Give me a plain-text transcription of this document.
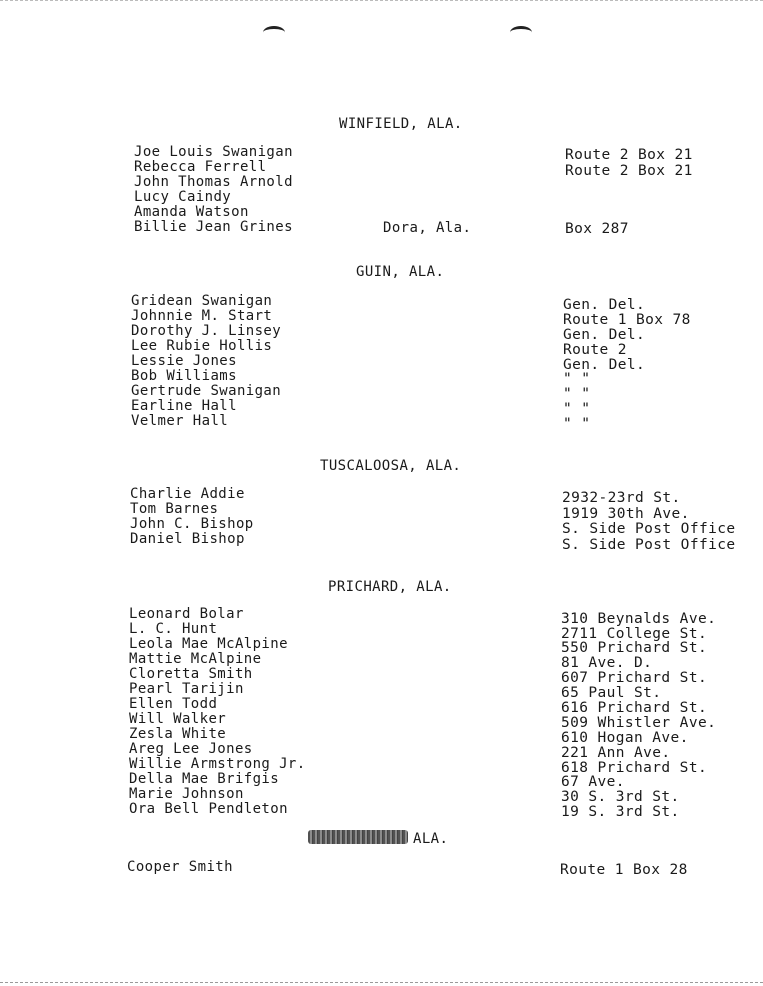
WINFIELD, ALA.
Joe Louis Swanigan
Rebecca Ferrell
John Thomas Arnold
Lucy Caindy
Amanda Watson
Billie Jean Grines	Dora, Ala.
Route 2 Box 21
Route 2 Box 21
Box 287
GUIN, ALA.
Gridean Swanigan
Johnnie M. Start
Dorothy J. Linsey
Lee Rubie Hollis
Lessie Jones
Bob Williams
Gertrude Swanigan
Earline Hall
Velmer Hall
Gen. Del.
Route 1 Box 78
Gen. Del.
Route 2
Gen. Del.
" "
" "
" "
" "
TUSCALOOSA, ALA.
Charlie Addie
Tom Barnes
John C. Bishop
Daniel Bishop
2932-23rd St.
1919 30th Ave.
S. Side Post Office
S. Side Post Office
PRICHARD, ALA.
Leonard Bolar
L. C. Hunt
Leola Mae McAlpine
Mattie McAlpine
Cloretta Smith
Pearl Tarijin
Ellen Todd
Will Walker
Zesla White
Areg Lee Jones
Willie Armstrong Jr.
Della Mae Brifgis
Marie Johnson
Ora Bell Pendleton
310 Beynalds Ave.
2711 College St.
550 Prichard St.
81 Ave. D.
607 Prichard St.
65 Paul St.
616 Prichard St.
509 Whistler Ave.
610 Hogan Ave.
221 Ann Ave.
618 Prichard St.
67 Ave.
30 S. 3rd St.
19 S. 3rd St.
ALA.
Cooper Smith	Route 1 Box 28
